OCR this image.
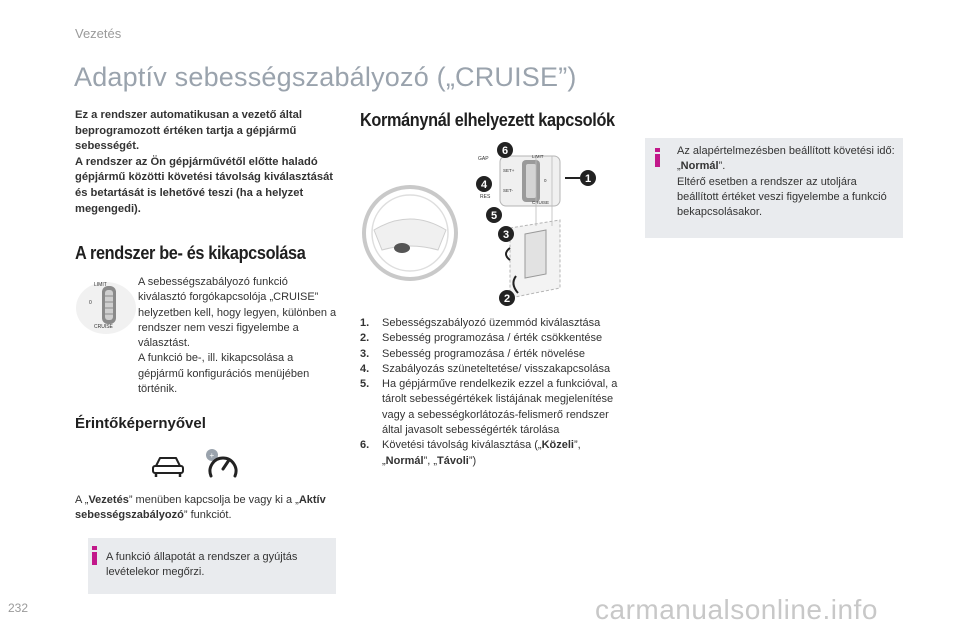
Vezetés
Adaptív sebességszabályozó („CRUISE”)

Ez a rendszer automatikusan a vezető által beprogramozott értéken tartja a gépjármű sebességét.

A rendszer az Ön gépjárművétől előtte haladó gépjármű közötti követési távolság kiválasztását és betartását is lehetővé teszi (ha a helyzet megengedi).

A rendszer be- és kikapcsolása
LIMIT
0
CRUISE

A sebességszabályozó funkció kiválasztó forgókapcsolója „CRUISE” helyzetben kell, hogy legyen, különben a rendszer nem veszi figyelembe a választást.

A funkció be-, ill. kikapcsolása a gépjármű konfigurációs menüjében történik.

Érintőképernyővel
+
A „Vezetés” menüben kapcsolja be vagy ki a „Aktív sebességszabályozó” funkciót.
A funkció állapotát a rendszer a gyújtás levételekor megőrzi.
Kormánynál elhelyezett kapcsolók
GAP	LIMIT
SET+
SET-
0
CRUISE
RES
6
4	1
5
3
2
1.	Sebességszabályozó üzemmód kiválasztása
2.	Sebesség programozása / érték csökkentése
3.	Sebesség programozása / érték növelése
4.	Szabályozás szüneteltetése/ visszakapcsolása
5.	Ha gépjárműve rendelkezik ezzel a funkcióval, a tárolt sebességértékek listájának megjelenítése vagy a sebességkorlátozás-felismerő rendszer által javasolt sebességérték tárolása
6.	Követési távolság kiválasztása („Közeli”, „Normál”, „Távoli”)
Az alapértelmezésben beállított követési idő: „Normál”.
Eltérő esetben a rendszer az utoljára beállított értéket veszi figyelembe a funkció bekapcsolásakor.
232	carmanualsonline.info
